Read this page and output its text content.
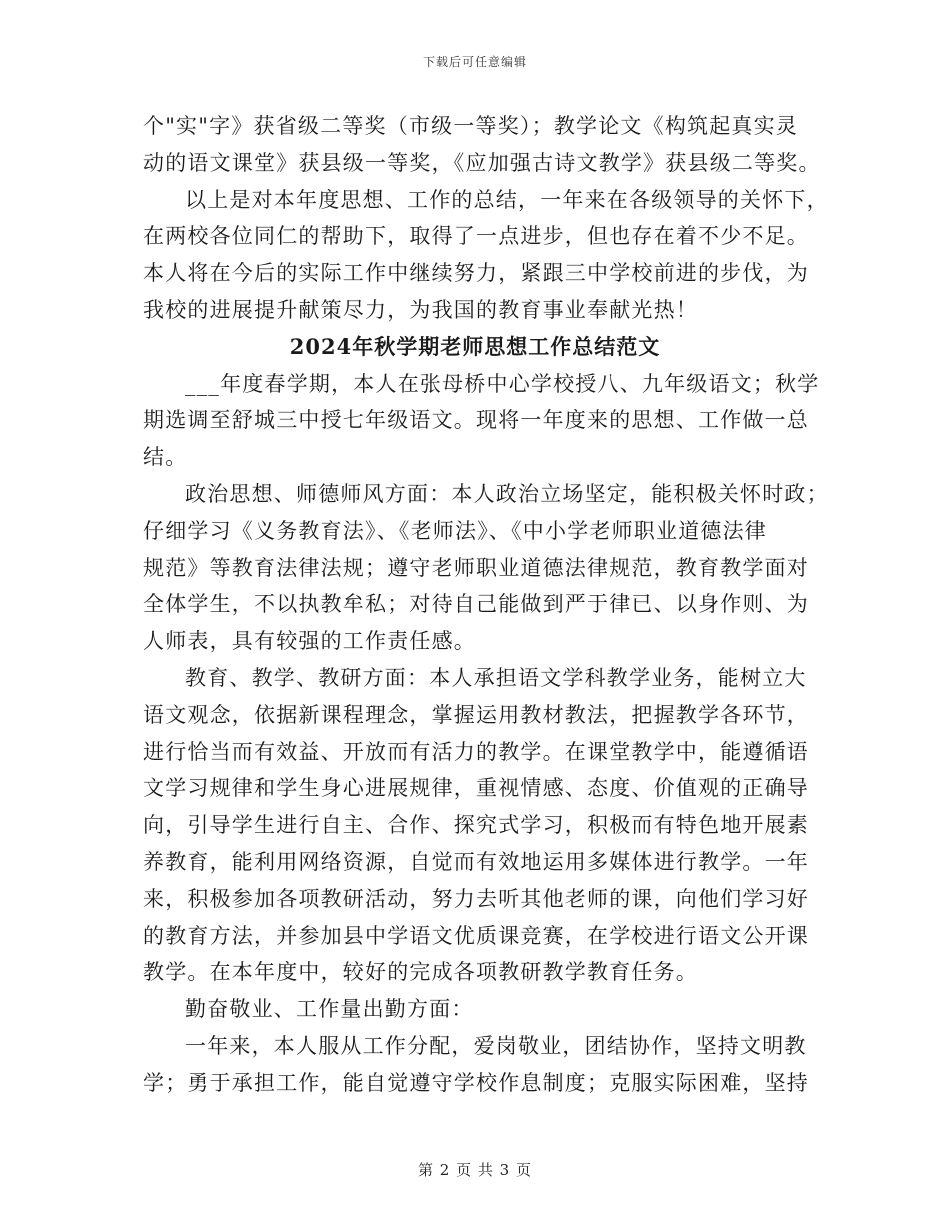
下载后可任意编辑
个"实"字》获省级二等奖（市级一等奖）；教学论文《构筑起真实灵
动的语文课堂》获县级一等奖，《应加强古诗文教学》获县级二等奖。
以上是对本年度思想、工作的总结，一年来在各级领导的关怀下，
在两校各位同仁的帮助下，取得了一点进步，但也存在着不少不足。
本人将在今后的实际工作中继续努力，紧跟三中学校前进的步伐，为
我校的进展提升献策尽力，为我国的教育事业奉献光热！
2024年秋学期老师思想工作总结范文
___年度春学期，本人在张母桥中心学校授八、九年级语文；秋学
期选调至舒城三中授七年级语文。现将一年度来的思想、工作做一总
结。
政治思想、师德师风方面：本人政治立场坚定，能积极关怀时政；
仔细学习《义务教育法》、《老师法》、《中小学老师职业道德法律
规范》等教育法律法规；遵守老师职业道德法律规范，教育教学面对
全体学生，不以执教牟私；对待自己能做到严于律已、以身作则、为
人师表，具有较强的工作责任感。
教育、教学、教研方面：本人承担语文学科教学业务，能树立大
语文观念，依据新课程理念，掌握运用教材教法，把握教学各环节，
进行恰当而有效益、开放而有活力的教学。在课堂教学中，能遵循语
文学习规律和学生身心进展规律，重视情感、态度、价值观的正确导
向，引导学生进行自主、合作、探究式学习，积极而有特色地开展素
养教育，能利用网络资源，自觉而有效地运用多媒体进行教学。一年
来，积极参加各项教研活动，努力去听其他老师的课，向他们学习好
的教育方法，并参加县中学语文优质课竞赛，在学校进行语文公开课
教学。在本年度中，较好的完成各项教研教学教育任务。
勤奋敬业、工作量出勤方面：
一年来，本人服从工作分配，爱岗敬业，团结协作，坚持文明教
学；勇于承担工作，能自觉遵守学校作息制度；克服实际困难，坚持
第 2 页 共 3 页
